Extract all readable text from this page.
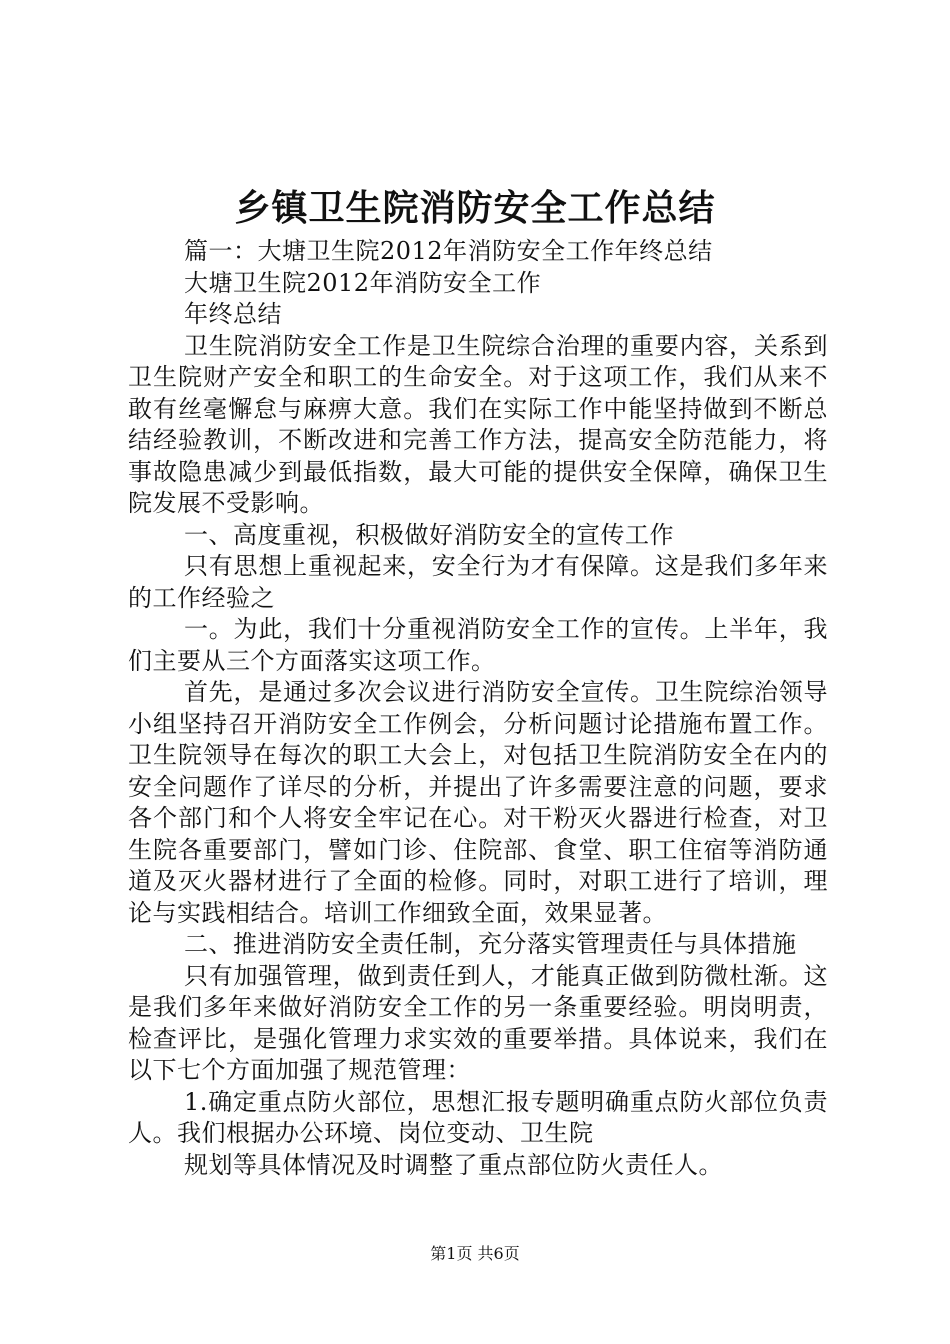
乡镇卫生院消防安全工作总结

篇一：大塘卫生院2012年消防安全工作年终总结

大塘卫生院2012年消防安全工作

年终总结

卫生院消防安全工作是卫生院综合治理的重要内容，关系到卫生院财产安全和职工的生命安全。对于这项工作，我们从来不敢有丝毫懈怠与麻痹大意。我们在实际工作中能坚持做到不断总结经验教训，不断改进和完善工作方法，提高安全防范能力，将事故隐患减少到最低指数，最大可能的提供安全保障，确保卫生院发展不受影响。

一、高度重视，积极做好消防安全的宣传工作

只有思想上重视起来，安全行为才有保障。这是我们多年来的工作经验之

一。为此，我们十分重视消防安全工作的宣传。上半年，我们主要从三个方面落实这项工作。

首先，是通过多次会议进行消防安全宣传。卫生院综治领导小组坚持召开消防安全工作例会，分析问题讨论措施布置工作。卫生院领导在每次的职工大会上，对包括卫生院消防安全在内的安全问题作了详尽的分析，并提出了许多需要注意的问题，要求各个部门和个人将安全牢记在心。对干粉灭火器进行检查，对卫生院各重要部门，譬如门诊、住院部、食堂、职工住宿等消防通道及灭火器材进行了全面的检修。同时，对职工进行了培训，理论与实践相结合。培训工作细致全面，效果显著。

二、推进消防安全责任制，充分落实管理责任与具体措施

只有加强管理，做到责任到人，才能真正做到防微杜渐。这是我们多年来做好消防安全工作的另一条重要经验。明岗明责，检查评比，是强化管理力求实效的重要举措。具体说来，我们在以下七个方面加强了规范管理：

1.确定重点防火部位，思想汇报专题明确重点防火部位负责人。我们根据办公环境、岗位变动、卫生院

规划等具体情况及时调整了重点部位防火责任人。

第1页 共6页
